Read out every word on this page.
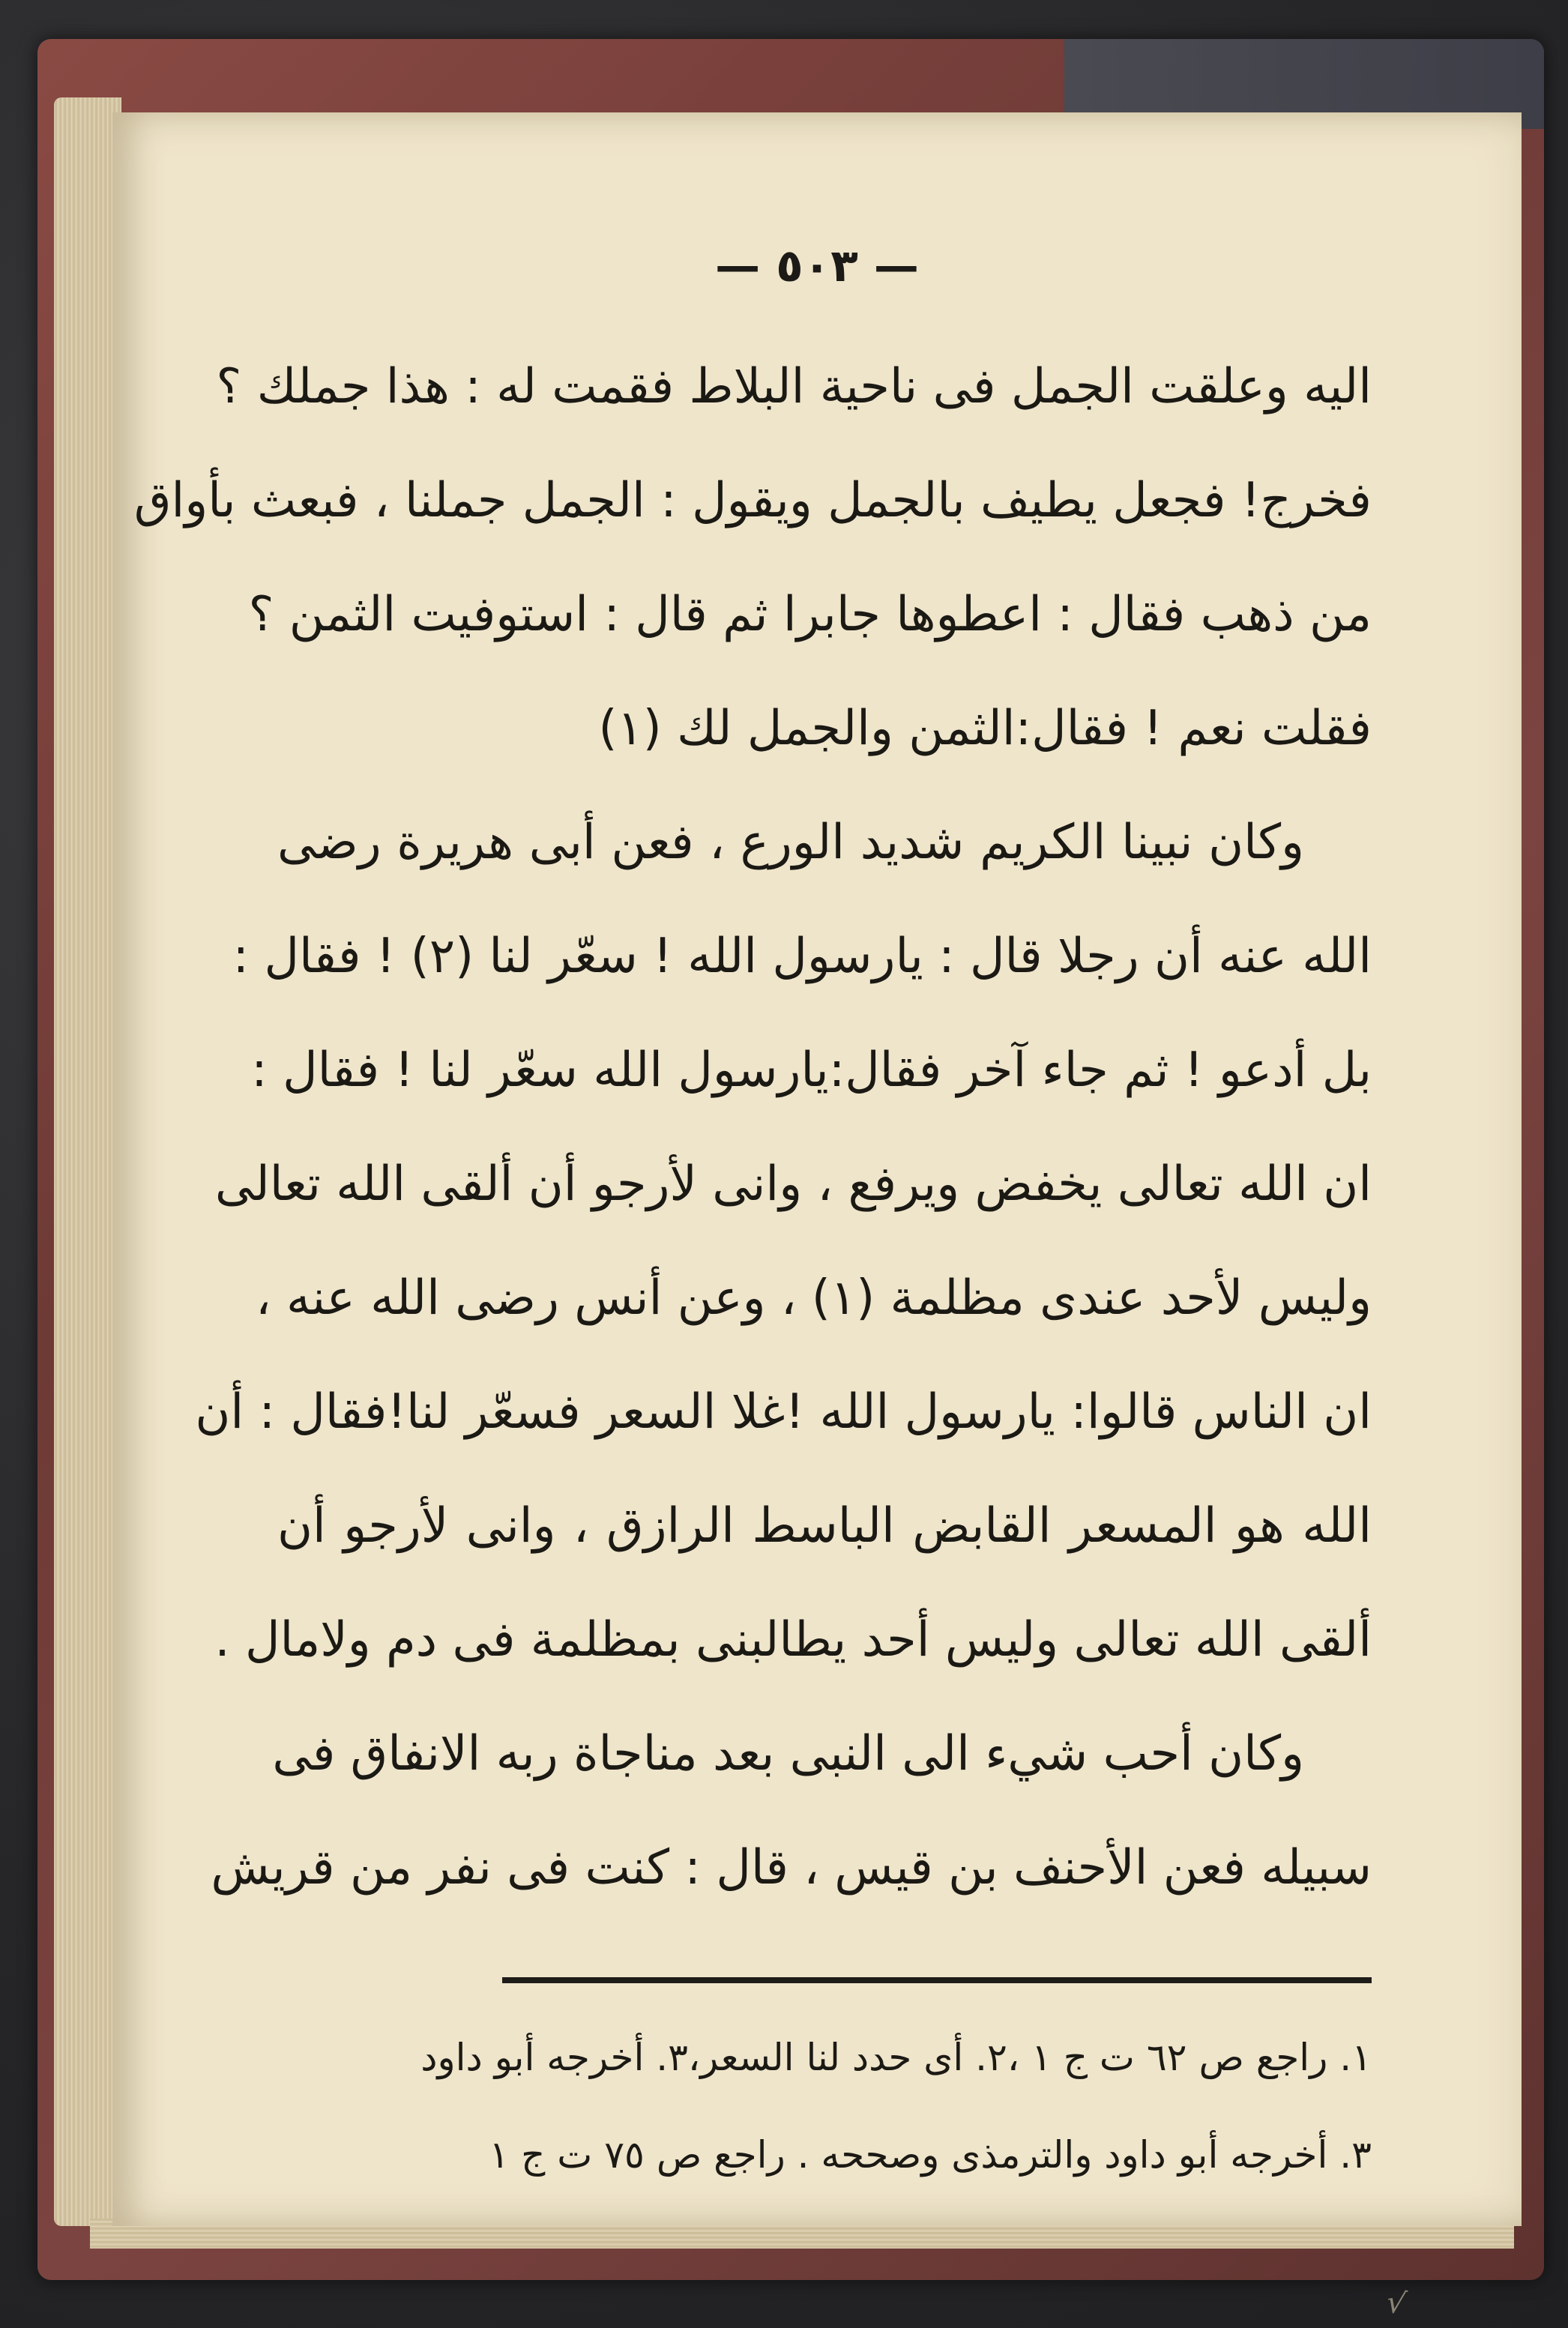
— ٥٠٣ —
اليه وعلقت الجمل فى ناحية البلاط فقمت له : هذا جملك ؟
فخرج! فجعل يطيف بالجمل ويقول : الجمل جملنا ، فبعث بأواق
من ذهب فقال : اعطوها جابرا ثم قال : استوفيت الثمن ؟
فقلت نعم ! فقال:الثمن والجمل لك (١)
وكان نبينا الكريم شديد الورع ، فعن أبى هريرة رضى
الله عنه أن رجلا قال : يارسول الله ! سعّر لنا (٢) ! فقال :
بل أدعو ! ثم جاء آخر فقال:يارسول الله سعّر لنا ! فقال :
ان الله تعالى يخفض ويرفع ، وانى لأرجو أن ألقى الله تعالى
وليس لأحد عندى مظلمة (١) ، وعن أنس رضى الله عنه ،
ان الناس قالوا: يارسول الله !غلا السعر فسعّر لنا!فقال : أن
الله هو المسعر القابض الباسط الرازق ، وانى لأرجو أن
ألقى الله تعالى وليس أحد يطالبنى بمظلمة فى دم ولامال .
وكان أحب شيء الى النبى بعد مناجاة ربه الانفاق فى
سبيله فعن الأحنف بن قيس ، قال : كنت فى نفر من قريش
١. راجع ص ٦٢ ت ج ١ ،٢. أى حدد لنا السعر،٣. أخرجه أبو داود
٣. أخرجه أبو داود والترمذى وصححه . راجع ص ٧٥ ت ج ١
√
